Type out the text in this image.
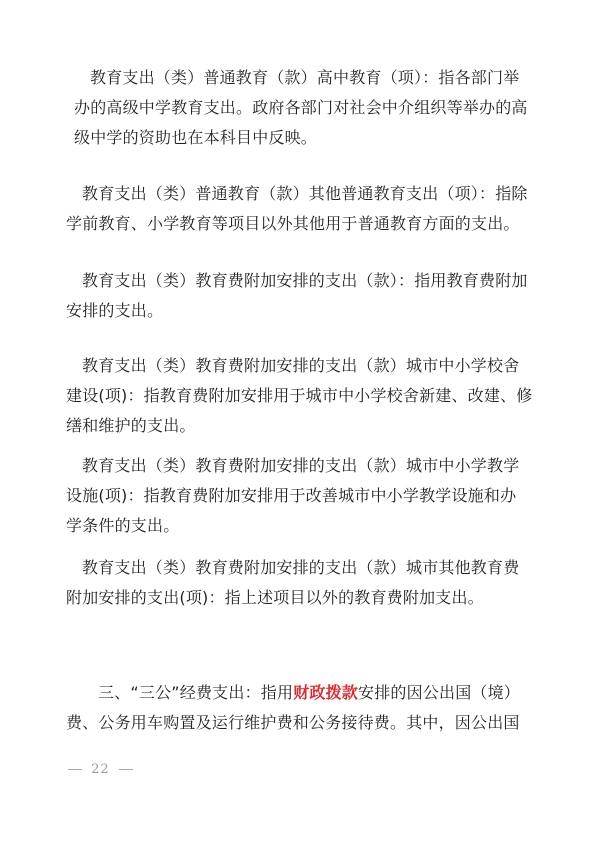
教育支出（类）普通教育（款）高中教育（项）：指各部门举
办的高级中学教育支出。政府各部门对社会中介组织等举办的高
级中学的资助也在本科目中反映。
教育支出（类）普通教育（款）其他普通教育支出（项）：指除
学前教育、小学教育等项目以外其他用于普通教育方面的支出。
教育支出（类）教育费附加安排的支出（款）：指用教育费附加
安排的支出。
教育支出（类）教育费附加安排的支出（款）城市中小学校舍
建设(项)：指教育费附加安排用于城市中小学校舍新建、改建、修
缮和维护的支出。
教育支出（类）教育费附加安排的支出（款）城市中小学教学
设施(项)：指教育费附加安排用于改善城市中小学教学设施和办
学条件的支出。
教育支出（类）教育费附加安排的支出（款）城市其他教育费
附加安排的支出(项)：指上述项目以外的教育费附加支出。
三、“三公”经费支出：指用财政拨款安排的因公出国（境）
费、公务用车购置及运行维护费和公务接待费。其中，因公出国
22
